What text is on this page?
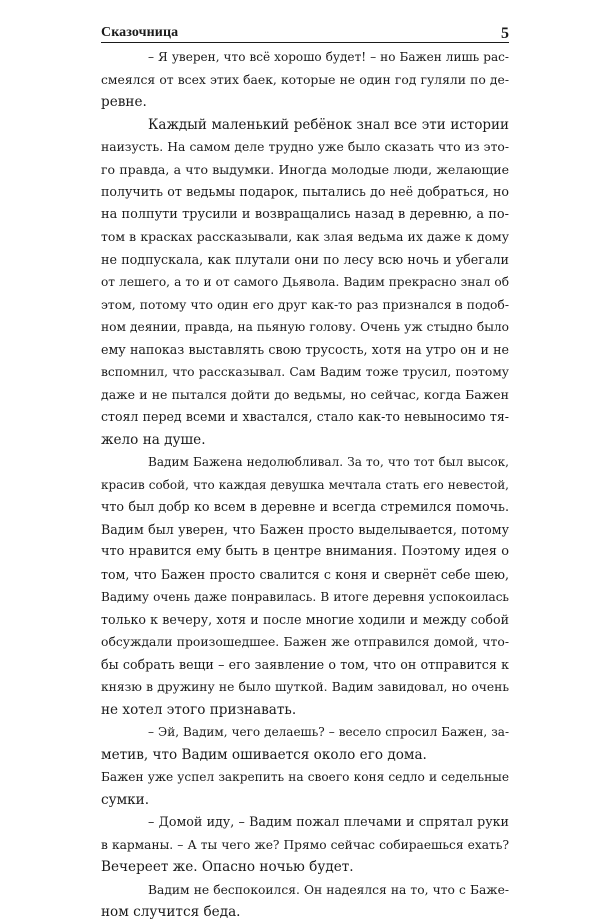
Сказочница	5
– Я уверен, что всё хорошо будет! – но Бажен лишь рас-
смеялся от всех этих баек, которые не один год гуляли по де-
ревне.
Каждый маленький ребёнок знал все эти истории
наизусть. На самом деле трудно уже было сказать что из это-
го правда, а что выдумки. Иногда молодые люди, желающие
получить от ведьмы подарок, пытались до неё добраться, но
на полпути трусили и возвращались назад в деревню, а по-
том в красках рассказывали, как злая ведьма их даже к дому
не подпускала, как плутали они по лесу всю ночь и убегали
от лешего, а то и от самого Дьявола. Вадим прекрасно знал об
этом, потому что один его друг как-то раз признался в подоб-
ном деянии, правда, на пьяную голову. Очень уж стыдно было
ему напоказ выставлять свою трусость, хотя на утро он и не
вспомнил, что рассказывал. Сам Вадим тоже трусил, поэтому
даже и не пытался дойти до ведьмы, но сейчас, когда Бажен
стоял перед всеми и хвастался, стало как-то невыносимо тя-
жело на душе.
Вадим Бажена недолюбливал. За то, что тот был высок,
красив собой, что каждая девушка мечтала стать его невестой,
что был добр ко всем в деревне и всегда стремился помочь.
Вадим был уверен, что Бажен просто выделывается, потому
что нравится ему быть в центре внимания. Поэтому идея о
том, что Бажен просто свалится с коня и свернёт себе шею,
Вадиму очень даже понравилась. В итоге деревня успокоилась
только к вечеру, хотя и после многие ходили и между собой
обсуждали произошедшее. Бажен же отправился домой, что-
бы собрать вещи – его заявление о том, что он отправится к
князю в дружину не было шуткой. Вадим завидовал, но очень
не хотел этого признавать.
– Эй, Вадим, чего делаешь? – весело спросил Бажен, за-
метив, что Вадим ошивается около его дома.
Бажен уже успел закрепить на своего коня седло и седельные
сумки.
– Домой иду, – Вадим пожал плечами и спрятал руки
в карманы. – А ты чего же? Прямо сейчас собираешься ехать?
Вечереет же. Опасно ночью будет.
Вадим не беспокоился. Он надеялся на то, что с Баже-
ном случится беда.
